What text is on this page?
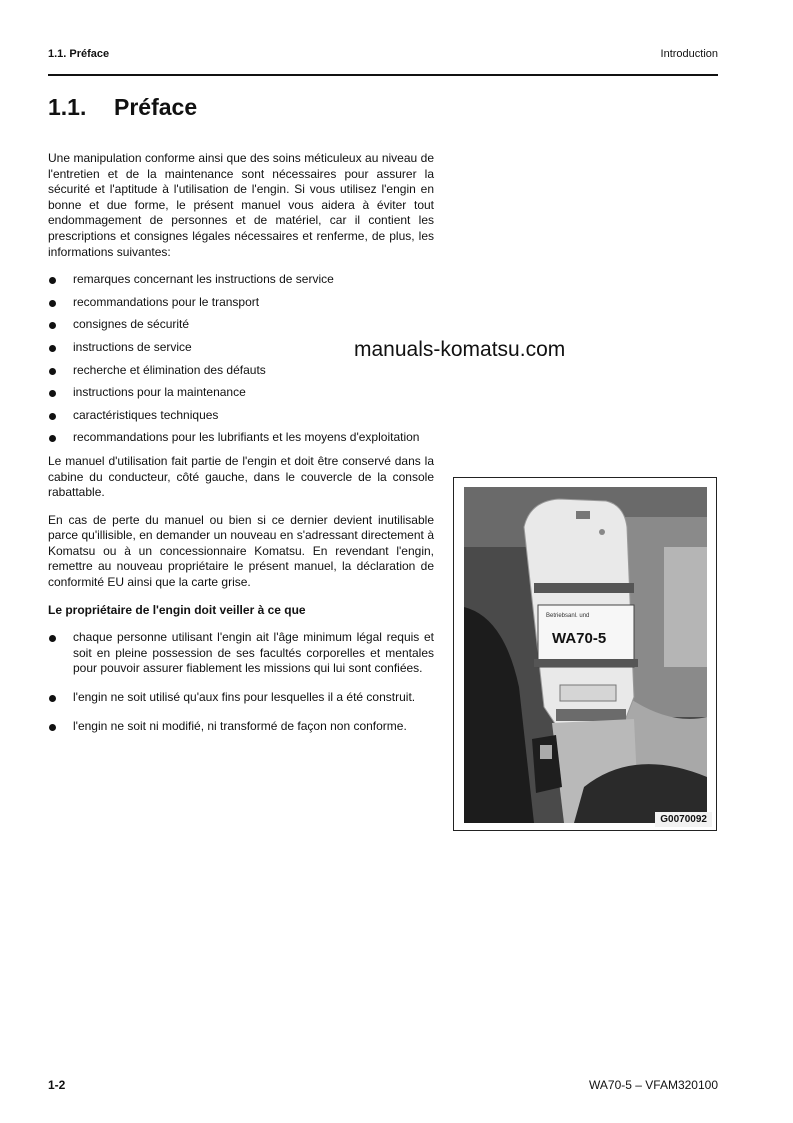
1.1. Préface	Introduction
1.1. Préface

Une manipulation conforme ainsi que des soins méticuleux au niveau de l'entretien et de la maintenance sont nécessaires pour assurer la sécurité et l'aptitude à l'utilisation de l'engin. Si vous utilisez l'engin en bonne et due forme, le présent manuel vous aidera à éviter tout endommagement de personnes et de matériel, car il contient les prescriptions et consignes légales nécessaires et renferme, de plus, les informations suivantes:

remarques concernant les instructions de service
recommandations pour le transport
consignes de sécurité
instructions de service
recherche et élimination des défauts
instructions pour la maintenance
caractéristiques techniques
recommandations pour les lubrifiants et les moyens d'exploitation

Le manuel d'utilisation fait partie de l'engin et doit être conservé dans la cabine du conducteur, côté gauche, dans le couvercle de la console rabattable.

En cas de perte du manuel ou bien si ce dernier devient inutilisable parce qu'illisible, en demander un nouveau en s'adressant directement à Komatsu ou à un concessionnaire Komatsu. En revendant l'engin, remettre au nouveau propriétaire le présent manuel, la déclaration de conformité EU ainsi que la carte grise.

Le propriétaire de l'engin doit veiller à ce que

chaque personne utilisant l'engin ait l'âge minimum légal requis et soit en pleine possession de ses facultés corporelles et mentales pour pouvoir assurer fiablement les missions qui lui sont confiées.
l'engin ne soit utilisé qu'aux fins pour lesquelles il a été construit.
l'engin ne soit ni modifié, ni transformé de façon non conforme.
manuals-komatsu.com
Betriebsanl. und
WA70-5
G0070092
1-2	WA70-5 – VFAM320100
